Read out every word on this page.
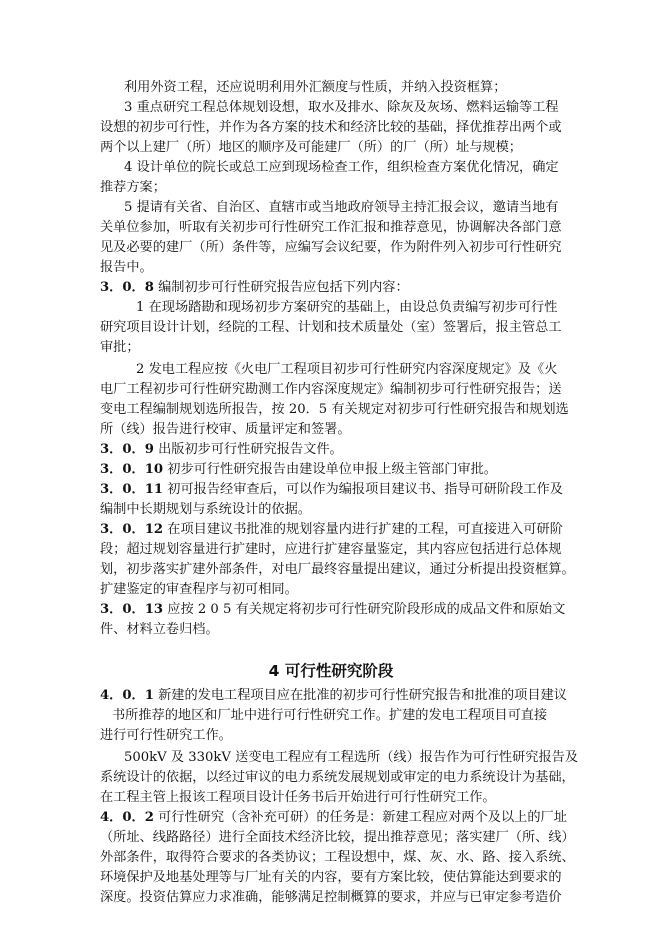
利用外资工程，还应说明利用外汇额度与性质，并纳入投资框算；
3 重点研究工程总体规划设想，取水及排水、除灰及灰场、燃料运输等工程
设想的初步可行性，并作为各方案的技术和经济比较的基础，择优推荐出两个或
两个以上建厂（所）地区的顺序及可能建厂（所）的厂（所）址与规模；
4 设计单位的院长或总工应到现场检查工作，组织检查方案优化情况，确定
推荐方案；
5 提请有关省、自治区、直辖市或当地政府领导主持汇报会议，邀请当地有
关单位参加，听取有关初步可行性研究工作汇报和推荐意见，协调解决各部门意
见及必要的建厂（所）条件等，应编写会议纪要，作为附件列入初步可行性研究
报告中。
3．0．8 编制初步可行性研究报告应包括下列内容：
1 在现场踏勘和现场初步方案研究的基础上，由设总负责编写初步可行性
研究项目设计计划，经院的工程、计划和技术质量处（室）签署后，报主管总工
审批；
2 发电工程应按《火电厂工程项目初步可行性研究内容深度规定》及《火
电厂工程初步可行性研究勘测工作内容深度规定》编制初步可行性研究报告；送
变电工程编制规划选所报告，按 20．5 有关规定对初步可行性研究报告和规划选
所（线）报告进行校审、质量评定和签署。
3．0．9 出版初步可行性研究报告文件。
3．0．10 初步可行性研究报告由建设单位申报上级主管部门审批。
3．0．11 初可报告经审查后，可以作为编报项目建议书、指导可研阶段工作及
编制中长期规划与系统设计的依据。
3．0．12 在项目建议书批准的规划容量内进行扩建的工程，可直接进入可研阶
段；超过规划容量进行扩建时，应进行扩建容量鉴定，其内容应包括进行总体规
划，初步落实扩建外部条件，对电厂最终容量提出建议，通过分析提出投资框算。
扩建鉴定的审查程序与初可相同。
3．0．13 应按 2 0 5 有关规定将初步可行性研究阶段形成的成品文件和原始文
件、材料立卷归档。
4 可行性研究阶段
4．0．1 新建的发电工程项目应在批准的初步可行性研究报告和批准的项目建议
书所推荐的地区和厂址中进行可行性研究工作。扩建的发电工程项目可直接
进行可行性研究工作。
500kV 及 330kV 送变电工程应有工程选所（线）报告作为可行性研究报告及
系统设计的依据，以经过审议的电力系统发展规划或审定的电力系统设计为基础，
在工程主管上报该工程项目设计任务书后开始进行可行性研究工作。
4．0．2 可行性研究（含补充可研）的任务是：新建工程应对两个及以上的厂址
（所址、线路路径）进行全面技术经济比较，提出推荐意见；落实建厂（所、线）
外部条件，取得符合要求的各类协议；工程设想中，煤、灰、水、路、接入系统、
环境保护及地基处理等与厂址有关的内容，要有方案比较，使估算能达到要求的
深度。投资估算应力求准确，能够满足控制概算的要求，并应与已审定参考造价
